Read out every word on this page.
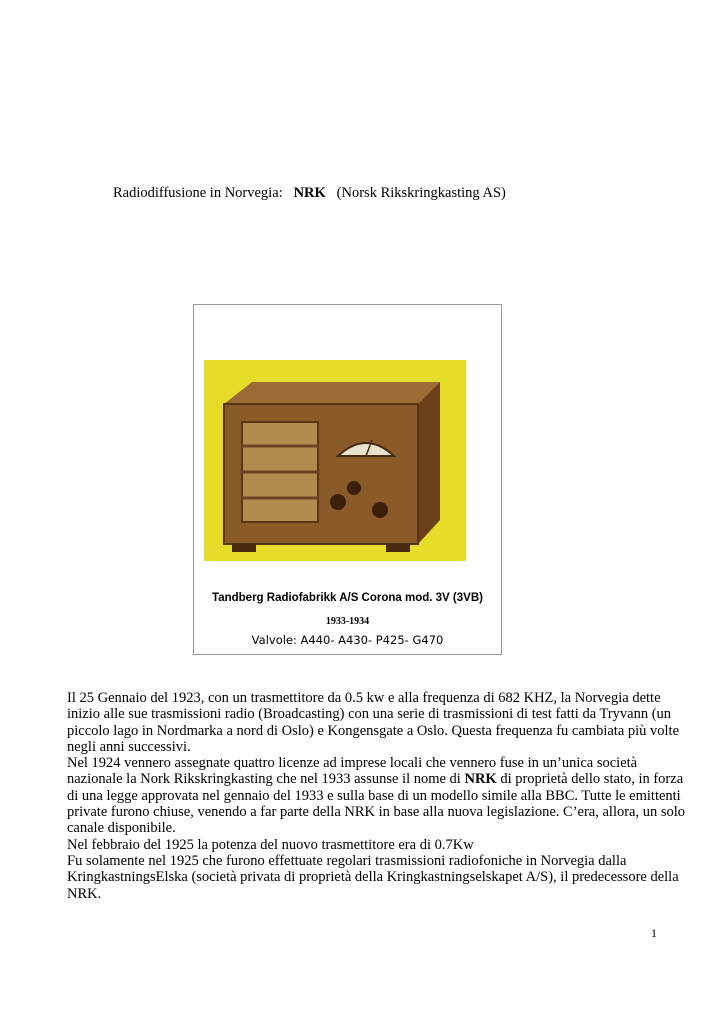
Radiodiffusione in Norvegia: NRK (Norsk Rikskringkasting AS)
Tandberg Radiofabrikk A/S Corona mod. 3V (3VB)
1933-1934
Valvole: A440- A430- P425- G470

Il 25 Gennaio del 1923, con un trasmettitore da 0.5 kw e alla frequenza di 682 KHZ, la Norvegia dette inizio alle sue trasmissioni radio (Broadcasting) con una serie di trasmissioni di test fatti da Tryvann (un piccolo lago in Nordmarka a nord di Oslo) e Kongensgate a Oslo. Questa frequenza fu cambiata più volte negli anni successivi.

Nel 1924 vennero assegnate quattro licenze ad imprese locali che vennero fuse in un’unica società nazionale la Nork Rikskringkasting che nel 1933 assunse il nome di NRK di proprietà dello stato, in forza di una legge approvata nel gennaio del 1933 e sulla base di un modello simile alla BBC. Tutte le emittenti private furono chiuse, venendo a far parte della NRK in base alla nuova legislazione. C’era, allora, un solo canale disponibile.

Nel febbraio del 1925 la potenza del nuovo trasmettitore era di 0.7Kw

Fu solamente nel 1925 che furono effettuate regolari trasmissioni radiofoniche in Norvegia dalla KringkastningsElska (società privata di proprietà della Kringkastningselskapet A/S), il predecessore della NRK.

1
